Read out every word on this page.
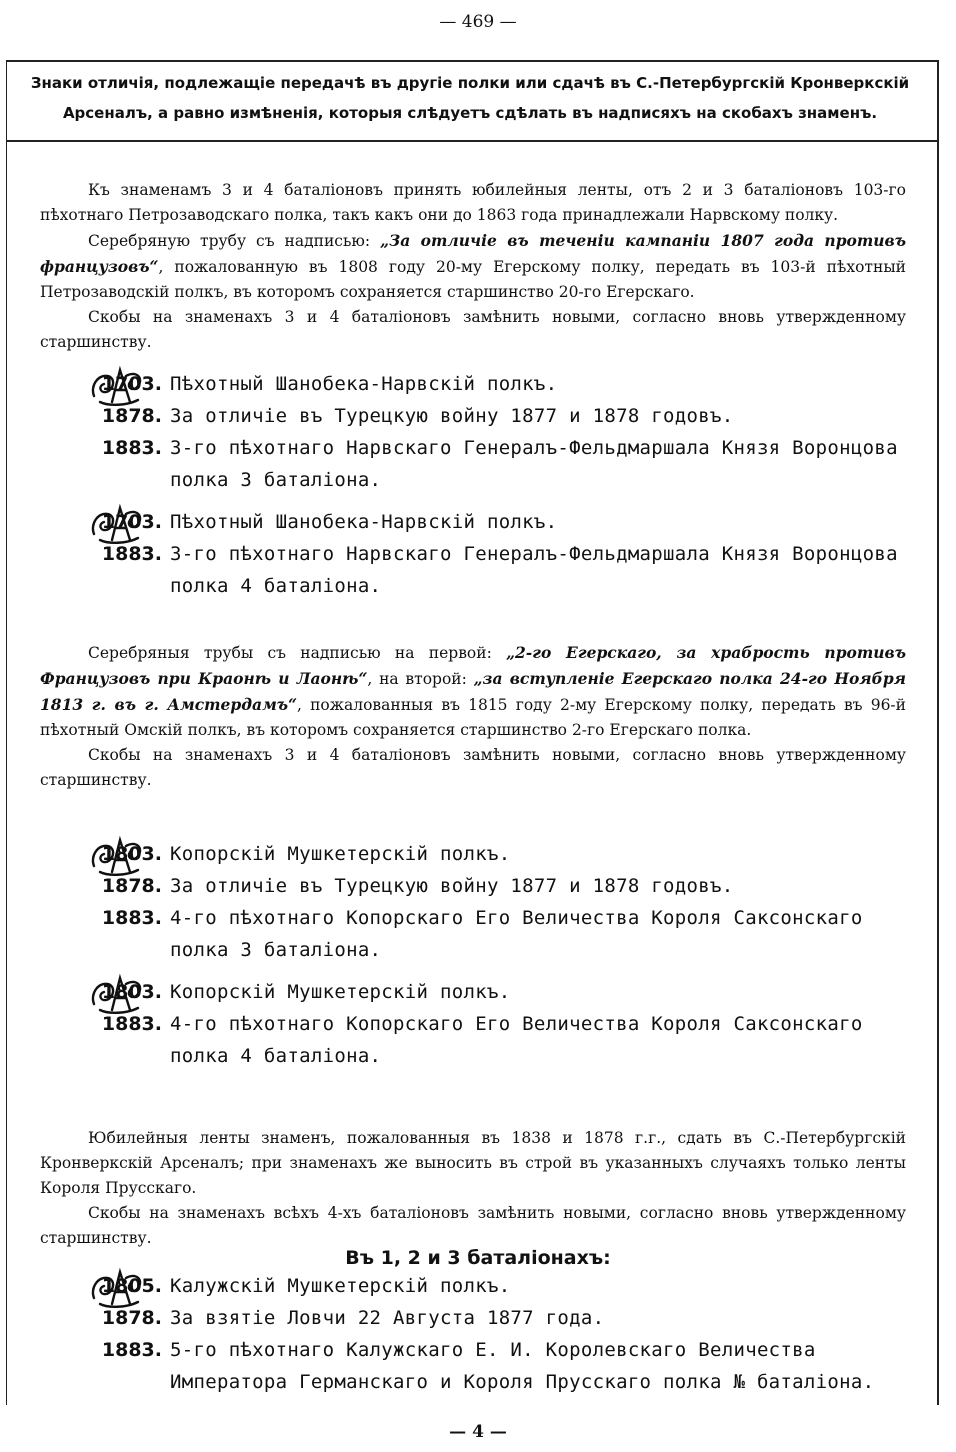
— 469 —
Знаки отличія, подлежащіе передачѣ въ другіе полки или сдачѣ въ С.-Петербургскій Кронверкскій Арсеналъ, а равно измѣненія, которыя слѣдуетъ сдѣлать въ надписяхъ на скобахъ знаменъ.

Къ знаменамъ 3 и 4 баталіоновъ принять юбилейныя ленты, отъ 2 и 3 баталіоновъ 103-го пѣхотнаго Петрозаводскаго полка, такъ какъ они до 1863 года принадлежали Нарвскому полку.

Серебряную трубу съ надписью: „За отличіе въ теченіи кампаніи 1807 года противъ французовъ“, пожалованную въ 1808 году 20-му Егерскому полку, передать въ 103-й пѣхотный Петрозаводскій полкъ, въ которомъ сохраняется старшинство 20-го Егерскаго.

Скобы на знаменахъ 3 и 4 баталіоновъ замѣнить новыми, согласно вновь утвержденному старшинству.

1703. Пѣхотный Шанобека-Нарвскій полкъ.
1878. За отличіе въ Турецкую войну 1877 и 1878 годовъ.
1883. 3-го пѣхотнаго Нарвскаго Генералъ-Фельдмаршала Князя Воронцова полка 3 баталіона.
1703. Пѣхотный Шанобека-Нарвскій полкъ.
1883. 3-го пѣхотнаго Нарвскаго Генералъ-Фельдмаршала Князя Воронцова полка 4 баталіона.

Серебряныя трубы съ надписью на первой: „2-го Егерскаго, за храбрость противъ Французовъ при Краонѣ и Лаонѣ“, на второй: „за вступленіе Егерскаго полка 24-го Ноября 1813 г. въ г. Амстердамъ“, пожалованныя въ 1815 году 2-му Егерскому полку, передать въ 96-й пѣхотный Омскій полкъ, въ которомъ сохраняется старшинство 2-го Егерскаго полка.

Скобы на знаменахъ 3 и 4 баталіоновъ замѣнить новыми, согласно вновь утвержденному старшинству.

1803. Копорскій Мушкетерскій полкъ.
1878. За отличіе въ Турецкую войну 1877 и 1878 годовъ.
1883. 4-го пѣхотнаго Копорскаго Его Величества Короля Саксонскаго полка 3 баталіона.
1803. Копорскій Мушкетерскій полкъ.
1883. 4-го пѣхотнаго Копорскаго Его Величества Короля Саксонскаго полка 4 баталіона.

Юбилейныя ленты знаменъ, пожалованныя въ 1838 и 1878 г.г., сдать въ С.-Петербургскій Кронверкскій Арсеналъ; при знаменахъ же выносить въ строй въ указанныхъ случаяхъ только ленты Короля Прусскаго.

Скобы на знаменахъ всѣхъ 4-хъ баталіоновъ замѣнить новыми, согласно вновь утвержденному старшинству.

Въ 1, 2 и 3 баталіонахъ:
1805. Калужскій Мушкетерскій полкъ.
1878. За взятіе Ловчи 22 Августа 1877 года.
1883. 5-го пѣхотнаго Калужскаго Е. И. Королевскаго Величества Императора Германскаго и Короля Прусскаго полка № баталіона.
— 4 —
